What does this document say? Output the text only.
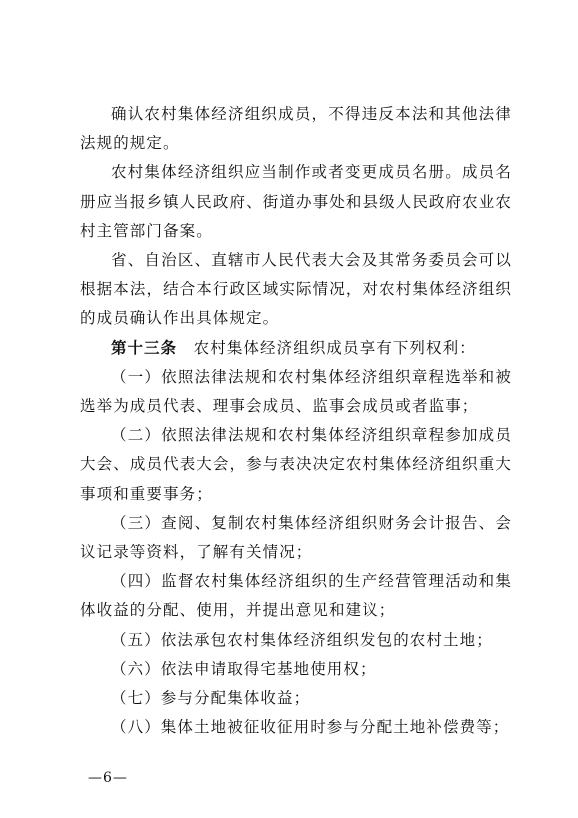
确认农村集体经济组织成员，不得违反本法和其他法律法规的规定。

农村集体经济组织应当制作或者变更成员名册。成员名册应当报乡镇人民政府、街道办事处和县级人民政府农业农村主管部门备案。

省、自治区、直辖市人民代表大会及其常务委员会可以根据本法，结合本行政区域实际情况，对农村集体经济组织的成员确认作出具体规定。

第十三条　农村集体经济组织成员享有下列权利：

（一）依照法律法规和农村集体经济组织章程选举和被选举为成员代表、理事会成员、监事会成员或者监事；

（二）依照法律法规和农村集体经济组织章程参加成员大会、成员代表大会，参与表决决定农村集体经济组织重大事项和重要事务；

（三）查阅、复制农村集体经济组织财务会计报告、会议记录等资料，了解有关情况；

（四）监督农村集体经济组织的生产经营管理活动和集体收益的分配、使用，并提出意见和建议；

（五）依法承包农村集体经济组织发包的农村土地；

（六）依法申请取得宅基地使用权；

（七）参与分配集体收益；

（八）集体土地被征收征用时参与分配土地补偿费等；

—6—
